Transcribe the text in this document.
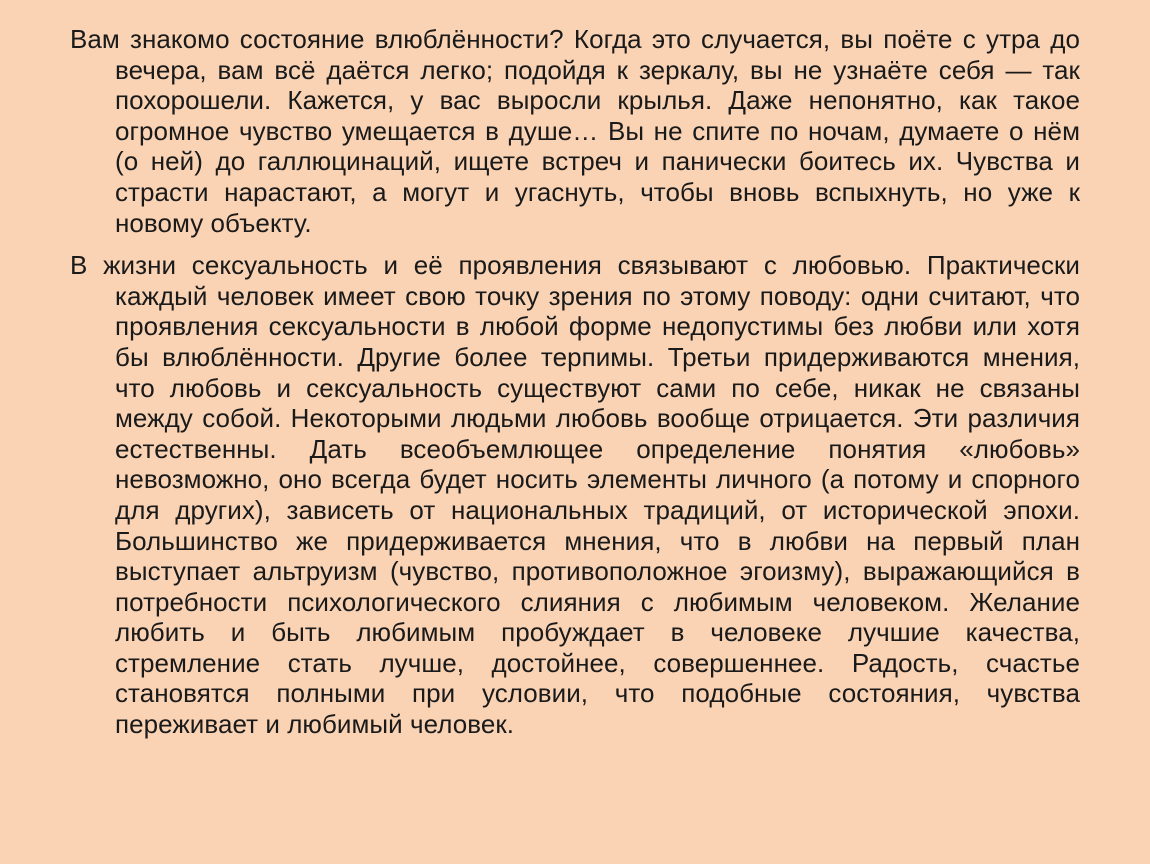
Вам знакомо состояние влюблённости? Когда это случается, вы поёте с утра до вечера, вам всё даётся легко; подойдя к зеркалу, вы не узнаёте себя — так похорошели. Кажется, у вас выросли крылья. Даже непонятно, как такое огромное чувство умещается в душе… Вы не спите по ночам, думаете о нём (о ней) до галлюцинаций, ищете встреч и панически боитесь их. Чувства и страсти нарастают, а могут и угаснуть, чтобы вновь вспыхнуть, но уже к новому объекту.

В жизни сексуальность и её проявления связывают с любовью. Практически каждый человек имеет свою точку зрения по этому поводу: одни считают, что проявления сексуальности в любой форме недопустимы без любви или хотя бы влюблённости. Другие более терпимы. Третьи придерживаются мнения, что любовь и сексуальность существуют сами по себе, никак не связаны между собой. Некоторыми людьми любовь вообще отрицается. Эти различия естественны. Дать всеобъемлющее определение понятия «любовь» невозможно, оно всегда будет носить элементы личного (а потому и спорного для других), зависеть от национальных традиций, от исторической эпохи. Большинство же придерживается мнения, что в любви на первый план выступает альтруизм (чувство, противоположное эгоизму), выражающийся в потребности психологического слияния с любимым человеком. Желание любить и быть любимым пробуждает в человеке лучшие качества, стремление стать лучше, достойнее, совершеннее. Радость, счастье становятся полными при условии, что подобные состояния, чувства переживает и любимый человек.
